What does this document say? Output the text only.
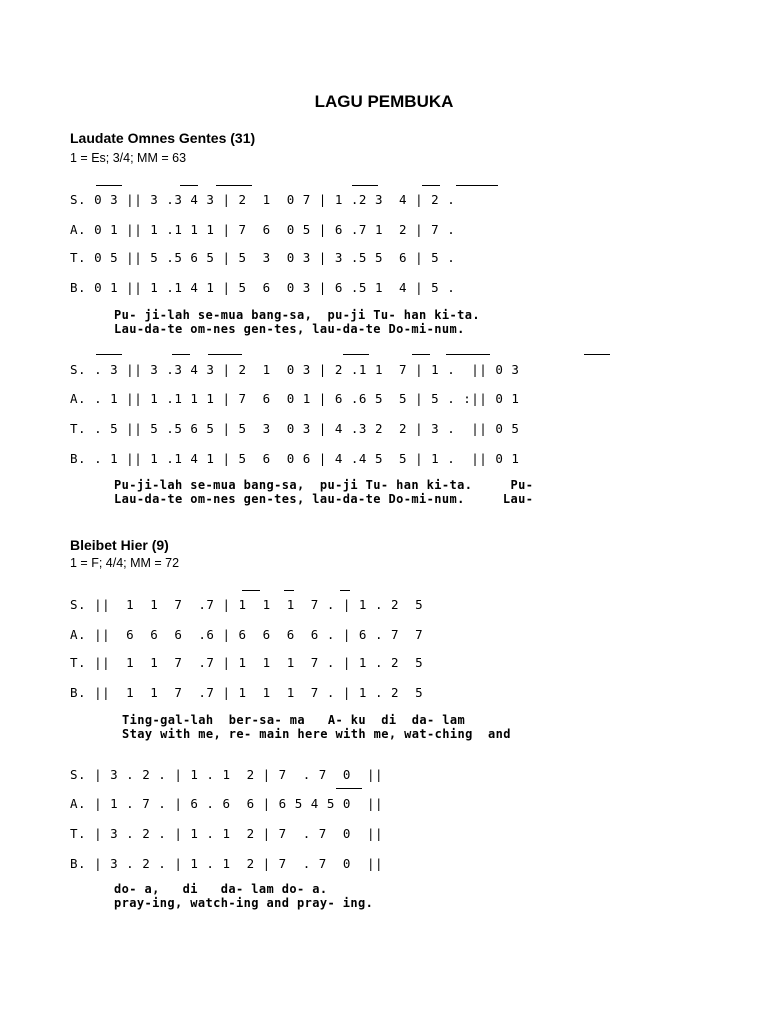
LAGU PEMBUKA
Laudate Omnes Gentes (31)
1 = Es; 3/4; MM = 63
S. 0 3 || 3 .3 4 3 | 2  1  0 7 | 1 .2 3  4 | 2 .
A. 0 1 || 1 .1 1 1 | 7  6  0 5 | 6 .7 1  2 | 7 .
T. 0 5 || 5 .5 6 5 | 5  3  0 3 | 3 .5 5  6 | 5 .
B. 0 1 || 1 .1 4 1 | 5  6  0 3 | 6 .5 1  4 | 5 .
Pu- ji-lah se-mua bang-sa,  pu-ji Tu- han ki-ta.
Lau-da-te om-nes gen-tes, lau-da-te Do-mi-num.
S. . 3 || 3 .3 4 3 | 2  1  0 3 | 2 .1 1  7 | 1 .  || 0 3
A. . 1 || 1 .1 1 1 | 7  6  0 1 | 6 .6 5  5 | 5 . :|| 0 1
T. . 5 || 5 .5 6 5 | 5  3  0 3 | 4 .3 2  2 | 3 .  || 0 5
B. . 1 || 1 .1 4 1 | 5  6  0 6 | 4 .4 5  5 | 1 .  || 0 1
Pu-ji-lah se-mua bang-sa,  pu-ji Tu- han ki-ta.     Pu-
Lau-da-te om-nes gen-tes, lau-da-te Do-mi-num.     Lau-
Bleibet Hier (9)
1 = F; 4/4; MM = 72
S. ||  1  1  7  .7 | 1  1  1  7 . | 1 . 2  5
A. ||  6  6  6  .6 | 6  6  6  6 . | 6 . 7  7
T. ||  1  1  7  .7 | 1  1  1  7 . | 1 . 2  5
B. ||  1  1  7  .7 | 1  1  1  7 . | 1 . 2  5
Ting-gal-lah  ber-sa- ma   A- ku  di  da- lam
Stay with me, re- main here with me, wat-ching  and
S. | 3 . 2 . | 1 . 1  2 | 7  . 7  0  ||
A. | 1 . 7 . | 6 . 6  6 | 6 5 4 5 0  ||
T. | 3 . 2 . | 1 . 1  2 | 7  . 7  0  ||
B. | 3 . 2 . | 1 . 1  2 | 7  . 7  0  ||
do- a,   di   da- lam do- a.
pray-ing, watch-ing and pray- ing.
